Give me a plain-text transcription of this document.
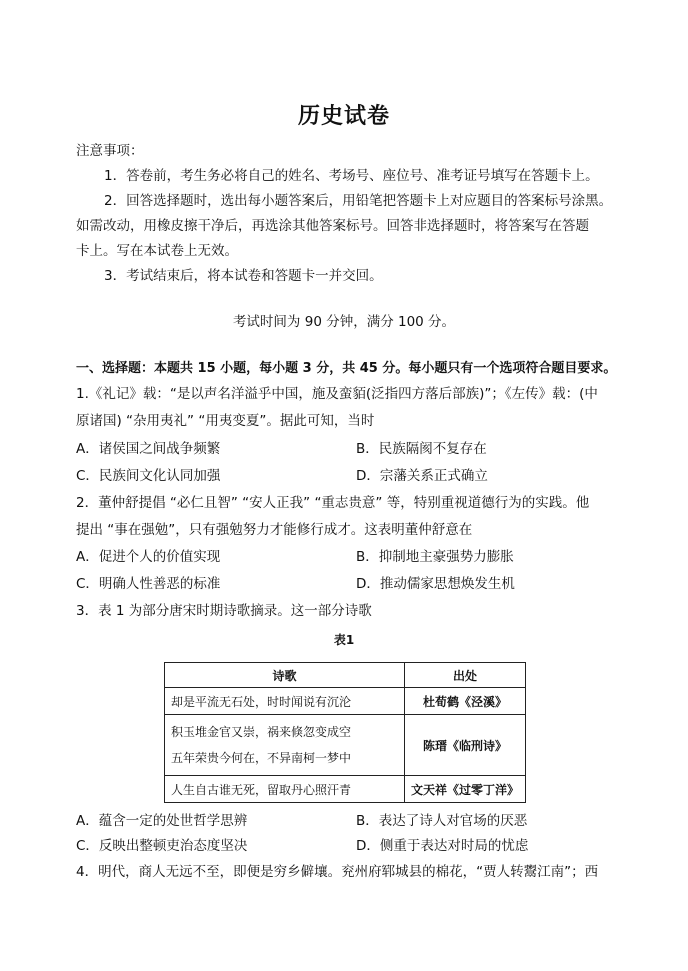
历史试卷
注意事项：
1．答卷前，考生务必将自己的姓名、考场号、座位号、准考证号填写在答题卡上。
2．回答选择题时，选出每小题答案后，用铅笔把答题卡上对应题目的答案标号涂黑。
如需改动，用橡皮擦干净后，再选涂其他答案标号。回答非选择题时，将答案写在答题
卡上。写在本试卷上无效。
3．考试结束后，将本试卷和答题卡一并交回。
考试时间为 90 分钟，满分 100 分。
一、选择题：本题共 15 小题，每小题 3 分，共 45 分。每小题只有一个选项符合题目要求。
1.《礼记》载：“是以声名洋溢乎中国，施及蛮貊(泛指四方落后部族)”；《左传》载：(中
原诸国) “杂用夷礼” “用夷变夏”。据此可知，当时
A．诸侯国之间战争频繁	B．民族隔阂不复存在
C．民族间文化认同加强	D．宗藩关系正式确立
2．董仲舒提倡 “必仁且智” “安人正我” “重志贵意” 等，特别重视道德行为的实践。他
提出 “事在强勉”，只有强勉努力才能修行成才。这表明董仲舒意在
A．促进个人的价值实现	B．抑制地主豪强势力膨胀
C．明确人性善恶的标准	D．推动儒家思想焕发生机
3．表 1 为部分唐宋时期诗歌摘录。这一部分诗歌
表1
诗歌	出处
却是平流无石处，时时闻说有沉沦	杜荀鹤《泾溪》

积玉堆金官又崇，祸来倏忽变成空
五年荣贵今何在，不异南柯一梦中	陈瑨《临刑诗》
人生自古谁无死，留取丹心照汗青	文天祥《过零丁洋》
A．蕴含一定的处世哲学思辨	B．表达了诗人对官场的厌恶
C．反映出整顿吏治态度坚决	D．侧重于表达对时局的忧虑
4．明代，商人无远不至，即便是穷乡僻壤。兖州府郓城县的棉花，“贾人转鬻江南”；西
